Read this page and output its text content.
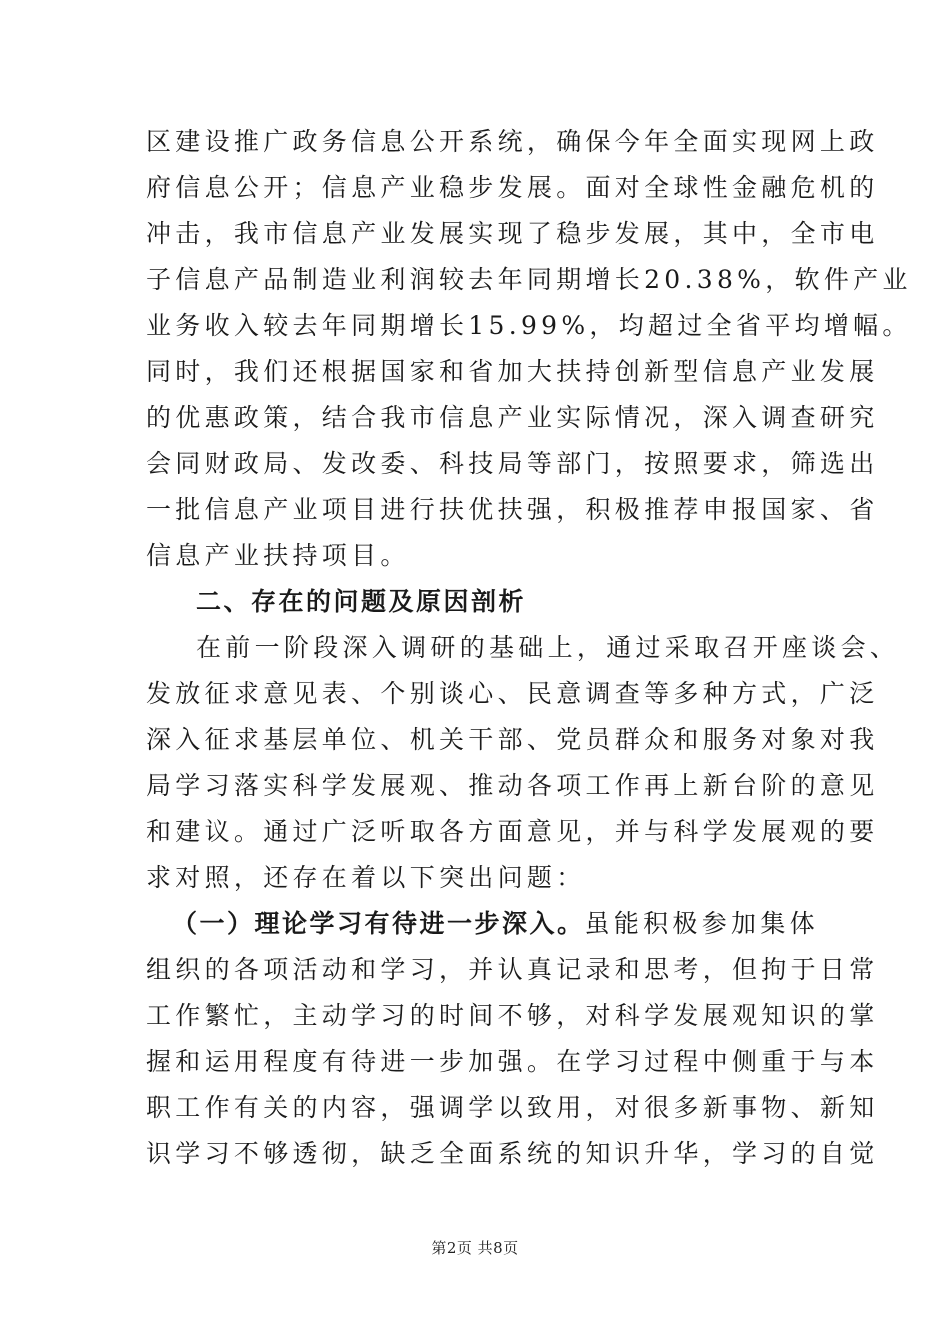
区建设推广政务信息公开系统，确保今年全面实现网上政
府信息公开；信息产业稳步发展。面对全球性金融危机的
冲击，我市信息产业发展实现了稳步发展，其中，全市电
子信息产品制造业利润较去年同期增长20.38%，软件产业
业务收入较去年同期增长15.99%，均超过全省平均增幅。
同时，我们还根据国家和省加大扶持创新型信息产业发展
的优惠政策，结合我市信息产业实际情况，深入调查研究
会同财政局、发改委、科技局等部门，按照要求，筛选出
一批信息产业项目进行扶优扶强，积极推荐申报国家、省
信息产业扶持项目。
二、存在的问题及原因剖析
在前一阶段深入调研的基础上，通过采取召开座谈会、
发放征求意见表、个别谈心、民意调查等多种方式，广泛
深入征求基层单位、机关干部、党员群众和服务对象对我
局学习落实科学发展观、推动各项工作再上新台阶的意见
和建议。通过广泛听取各方面意见，并与科学发展观的要
求对照，还存在着以下突出问题：
（一）理论学习有待进一步深入。虽能积极参加集体
组织的各项活动和学习，并认真记录和思考，但拘于日常
工作繁忙，主动学习的时间不够，对科学发展观知识的掌
握和运用程度有待进一步加强。在学习过程中侧重于与本
职工作有关的内容，强调学以致用，对很多新事物、新知
识学习不够透彻，缺乏全面系统的知识升华，学习的自觉
第2页 共8页
